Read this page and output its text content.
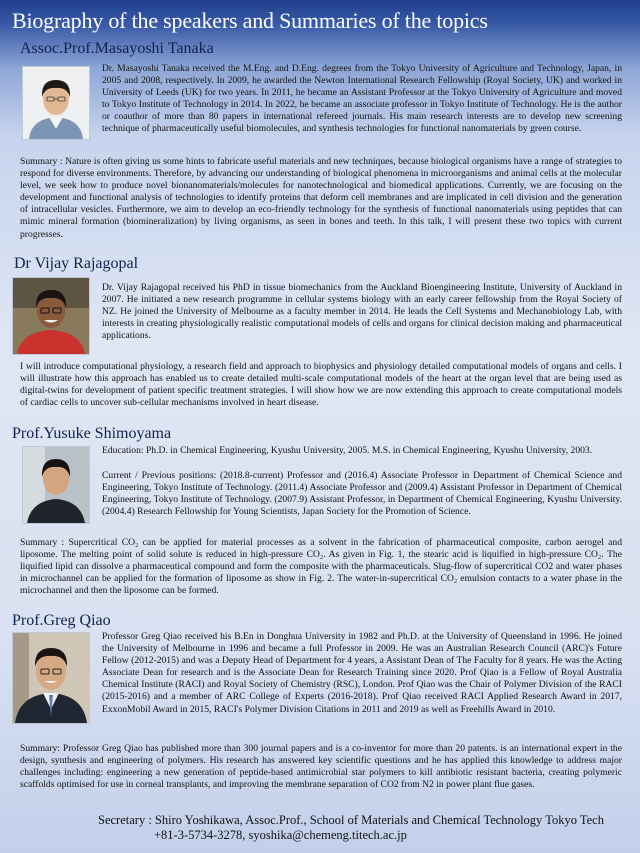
Biography of the speakers and Summaries of the topics
Assoc.Prof.Masayoshi Tanaka

Dr. Masayoshi Tanaka received the M.Eng. and D.Eng. degrees from the Tokyo University of Agriculture and Technology, Japan, in 2005 and 2008, respectively. In 2009, he awarded the Newton International Research Fellowship (Royal Society, UK) and worked in University of Leeds (UK) for two years. In 2011, he became an Assistant Professor at the Tokyo University of Agriculture and moved to Tokyo Institute of Technology in 2014. In 2022, he became an associate professor in Tokyo Institute of Technology. He is the author or coauthor of more than 80 papers in international refereed journals. His main research interests are to develop new screening technique of pharmaceutically useful biomolecules, and synthesis technologies for functional nanomaterials by green course.

Summary : Nature is often giving us some hints to fabricate useful materials and new techniques, because biological organisms have a range of strategies to respond for diverse environments. Therefore, by advancing our understanding of biological phenomena in microorganisms and animal cells at the molecular level, we seek how to produce novel bionanomaterials/molecules for nanotechnological and biomedical applications. Currently, we are focusing on the development and functional analysis of technologies to identify proteins that deform cell membranes and are implicated in cell division and the generation of intracellular vesicles. Furthermore, we aim to develop an eco-friendly technology for the synthesis of functional nanomaterials using peptides that can mimic mineral formation (biomineralization) by living organisms, as seen in bones and teeth. In this talk, I will present these two topics with current progresses.

Dr Vijay Rajagopal

Dr. Vijay Rajagopal received his PhD in tissue biomechanics from the Auckland Bioengineering Institute, University of Auckland in 2007. He initiated a new research programme in cellular systems biology with an early career fellowship from the Royal Society of NZ. He joined the University of Melbourne as a faculty member in 2014. He leads the Cell Systems and Mechanobiology Lab, with interests in creating physiologically realistic computational models of cells and organs for clinical decision making and pharmaceutical applications.

I will introduce computational physiology, a research field and approach to biophysics and physiology detailed computational models of organs and cells. I will illustrate how this approach has enabled us to create detailed multi-scale computational models of the heart at the organ level that are being used as digital-twins for development of patient specific treatment strategies. I will show how we are now extending this approach to create computational models of cardiac cells to uncover sub-cellular mechanisms involved in heart disease.

Prof.Yusuke Shimoyama

Education: Ph.D. in Chemical Engineering, Kyushu University, 2005. M.S. in Chemical Engineering, Kyushu University, 2003.

Current / Previous positions: (2018.8-current) Professor and (2016.4) Associate Professor in Department of Chemical Science and Engineering, Tokyo Institute of Technology. (2011.4) Associate Professor and (2009.4) Assistant Professor in Department of Chemical Engineering, Tokyo Institute of Technology. (2007.9) Assistant Professor, in Department of Chemical Engineering, Kyushu University. (2004.4) Research Fellowship for Young Scientists, Japan Society for the Promotion of Science.

Summary : Supercritical CO₂ can be applied for material processes as a solvent in the fabrication of pharmaceutical composite, carbon aerogel and liposome. The melting point of solid solute is reduced in high-pressure CO₂. As given in Fig. 1, the stearic acid is liquified in high-pressure CO₂. The liquified lipid can dissolve a pharmaceutical compound and form the composite with the pharmaceuticals. Slug-flow of supercritical CO2 and water phases in microchannel can be applied for the formation of liposome as show in Fig. 2. The water-in-supercritical CO₂ emulsion contacts to a water phase in the microchannel and then the liposome can be formed.

Prof.Greg Qiao

Professor Greg Qiao received his B.En in Donghua University in 1982 and Ph.D. at the University of Queensland in 1996. He joined the University of Melbourne in 1996 and became a full Professor in 2009. He was an Australian Research Council (ARC)'s Future Fellow (2012-2015) and was a Deputy Head of Department for 4 years, a Assistant Dean of The Faculty for 8 years. He was the Acting Associate Dean for research and is the Associate Dean for Research Training since 2020. Prof Qiao is a Fellow of Royal Australia Chemical Institute (RACI) and Royal Society of Chemistry (RSC), London. Prof Qiao was the Chair of Polymer Division of the RACI (2015-2016) and a member of ARC College of Experts (2016-2018). Prof Qiao received RACI Applied Research Award in 2017, ExxonMobil Award in 2015, RACI's Polymer Division Citations in 2011 and 2019 as well as Freehills Award in 2010.

Summary: Professor Greg Qiao has published more than 300 journal papers and is a co-inventor for more than 20 patents. is an international expert in the design, synthesis and engineering of polymers. His research has answered key scientific questions and he has applied this knowledge to address major challenges including: engineering a new generation of peptide-based antimicrobial star polymers to kill antibiotic resistant bacteria, creating polymeric scaffolds optimised for use in corneal transplants, and improving the membrane separation of CO2 from N2 in power plant flue gases.

Secretary : Shiro Yoshikawa, Assoc.Prof., School of Materials and Chemical Technology Tokyo Tech
+81-3-5734-3278, syoshika@chemeng.titech.ac.jp
